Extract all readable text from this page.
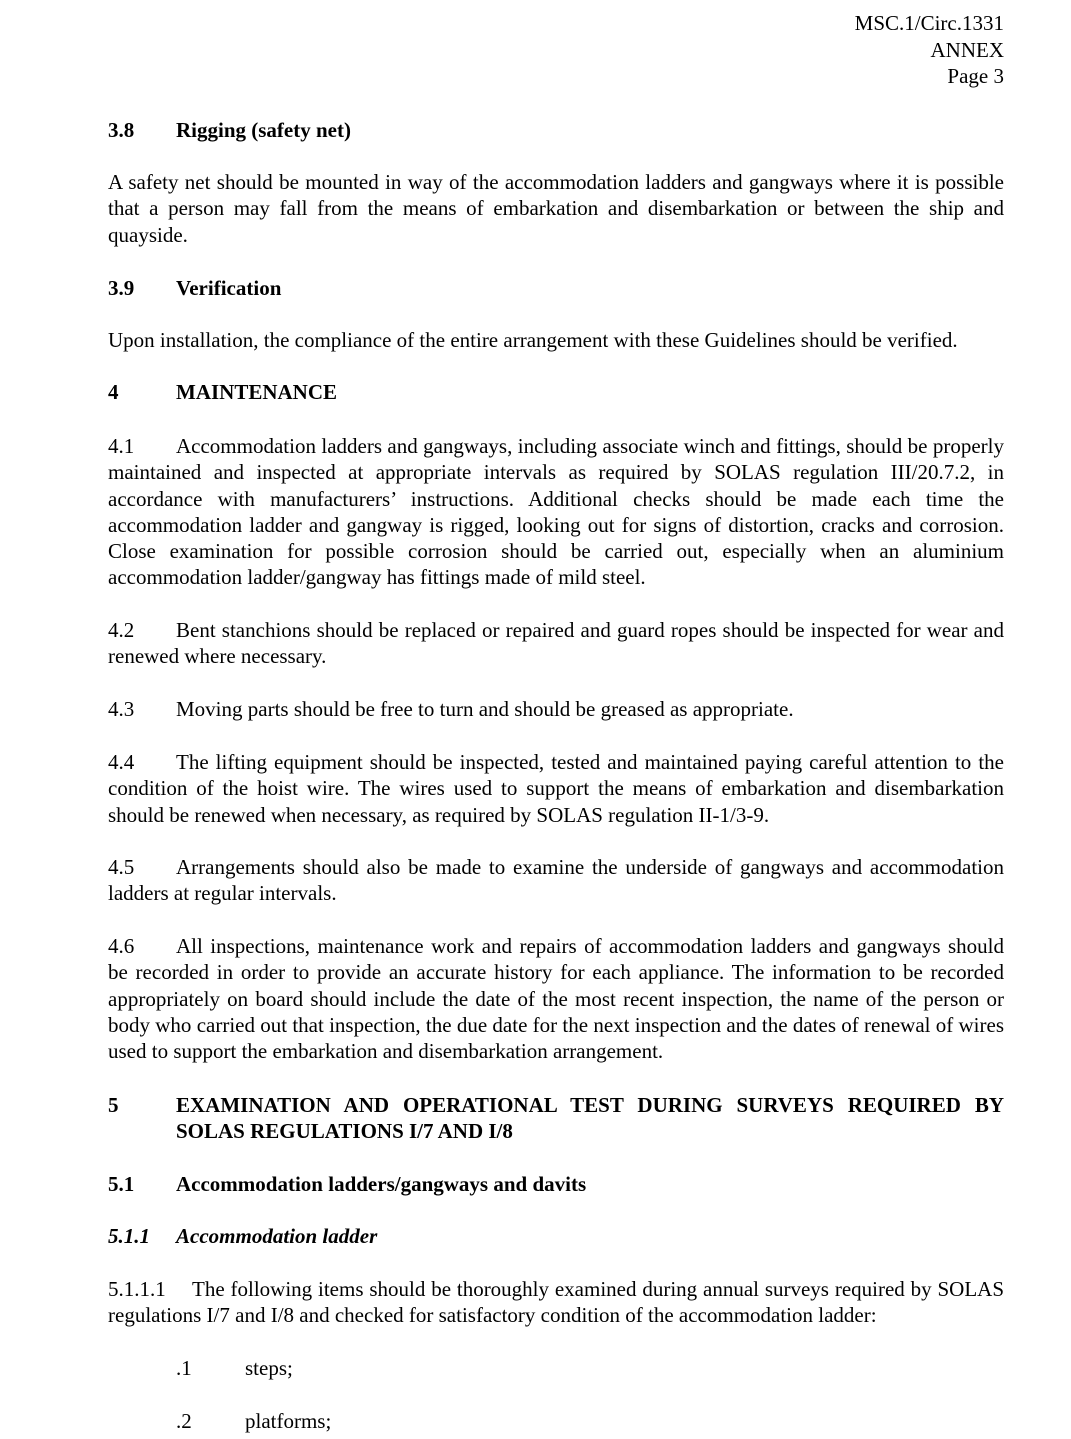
MSC.1/Circ.1331
ANNEX
Page 3
3.8	Rigging (safety net)

A safety net should be mounted in way of the accommodation ladders and gangways where it is possible that a person may fall from the means of embarkation and disembarkation or between the ship and quayside.

3.9	Verification

Upon installation, the compliance of the entire arrangement with these Guidelines should be verified.

4	MAINTENANCE

4.1 Accommodation ladders and gangways, including associate winch and fittings, should be properly maintained and inspected at appropriate intervals as required by SOLAS regulation III/20.7.2, in accordance with manufacturers’ instructions. Additional checks should be made each time the accommodation ladder and gangway is rigged, looking out for signs of distortion, cracks and corrosion. Close examination for possible corrosion should be carried out, especially when an aluminium accommodation ladder/gangway has fittings made of mild steel.

4.2 Bent stanchions should be replaced or repaired and guard ropes should be inspected for wear and renewed where necessary.

4.3 Moving parts should be free to turn and should be greased as appropriate.

4.4 The lifting equipment should be inspected, tested and maintained paying careful attention to the condition of the hoist wire. The wires used to support the means of embarkation and disembarkation should be renewed when necessary, as required by SOLAS regulation II-1/3-9.

4.5 Arrangements should also be made to examine the underside of gangways and accommodation ladders at regular intervals.

4.6 All inspections, maintenance work and repairs of accommodation ladders and gangways should be recorded in order to provide an accurate history for each appliance. The information to be recorded appropriately on board should include the date of the most recent inspection, the name of the person or body who carried out that inspection, the due date for the next inspection and the dates of renewal of wires used to support the embarkation and disembarkation arrangement.

5	EXAMINATION AND OPERATIONAL TEST DURING SURVEYS REQUIRED BY SOLAS REGULATIONS I/7 AND I/8
5.1	Accommodation ladders/gangways and davits
5.1.1	Accommodation ladder

5.1.1.1 The following items should be thoroughly examined during annual surveys required by SOLAS regulations I/7 and I/8 and checked for satisfactory condition of the accommodation ladder:

.1	steps;
.2	platforms;
